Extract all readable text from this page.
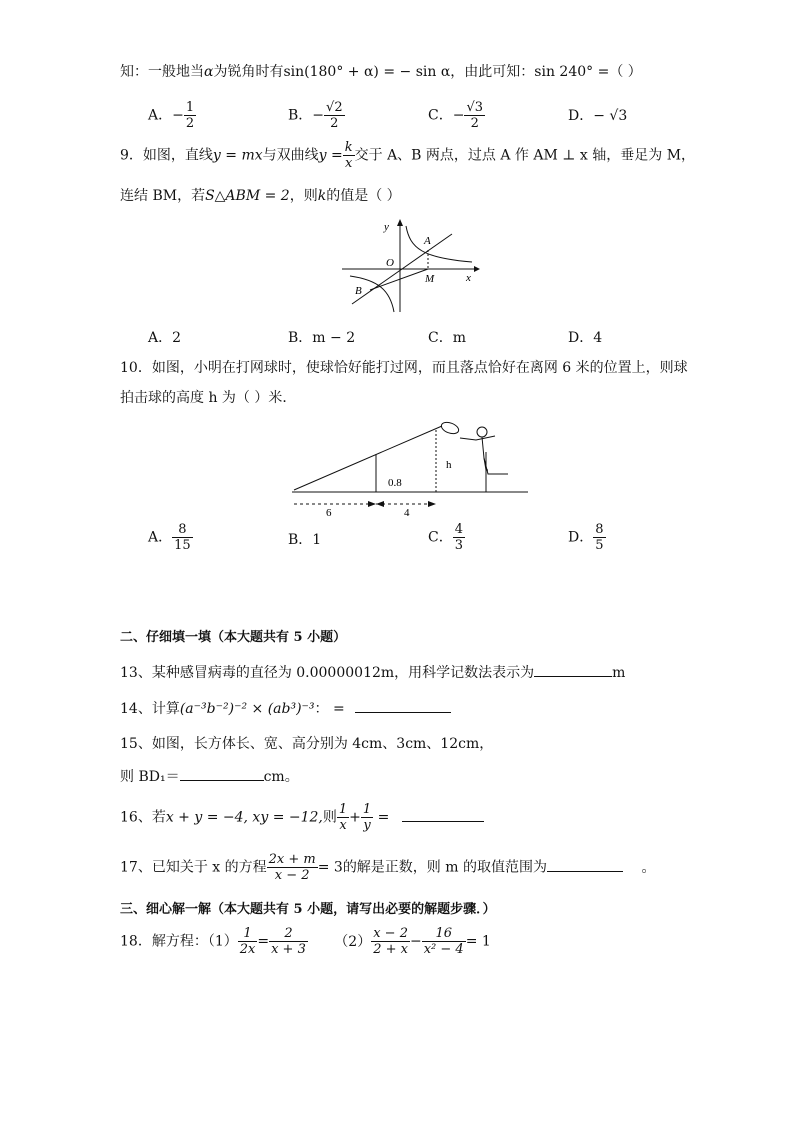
知：一般地当α为锐角时有sin(180° + α) = − sin α，由此可知：sin 240° =（ ）
A．− $\frac{1}{2}$	B．− $\frac{√2}{2}$	C．− $\frac{√3}{2}$	D．− √3
9．如图，直线y = mx与双曲线$y = \frac{k}{x}$ 交于 A、B 两点，过点 A 作 AM ⊥ x 轴，垂足为 M，
连结 BM，若S△ABM = 2，则k的值是（ ）
y
x
O
A
B
M
A．2	B．m − 2	C．m	D．4
10．如图，小明在打网球时，使球恰好能打过网，而且落点恰好在离网 6 米的位置上，则球
拍击球的高度 h 为（ ）米．
0.8
6	4
h
A． $\frac{8}{15}$	B．1	C． $\frac{4}{3}$	D． $\frac{8}{5}$
二、仔细填一填（本大题共有 5 小题）
13、某种感冒病毒的直径为 0.00000012m，用科学记数法表示为	m
14、计算(a⁻³b⁻²)⁻² × (ab³)⁻³： =
15、如图，长方体长、宽、高分别为 4cm、3cm、12cm，
则 BD₁＝	cm。
16、若x + y = −4, xy = −12,则 $\frac{1}{x} + \frac{1}{y}$ =
17、已知关于 x 的方程 $\frac{2x + m}{x - 2} = 3$的解是正数，则 m 的取值范围为	。
三、细心解一解（本大题共有 5 小题，请写出必要的解题步骤．）
18．解方程：$(1) \frac{1}{2x} = \frac{2}{x + 3} (2) \frac{x - 2}{2 + x} - \frac{16}{\text{x² − 4}} = 1$
